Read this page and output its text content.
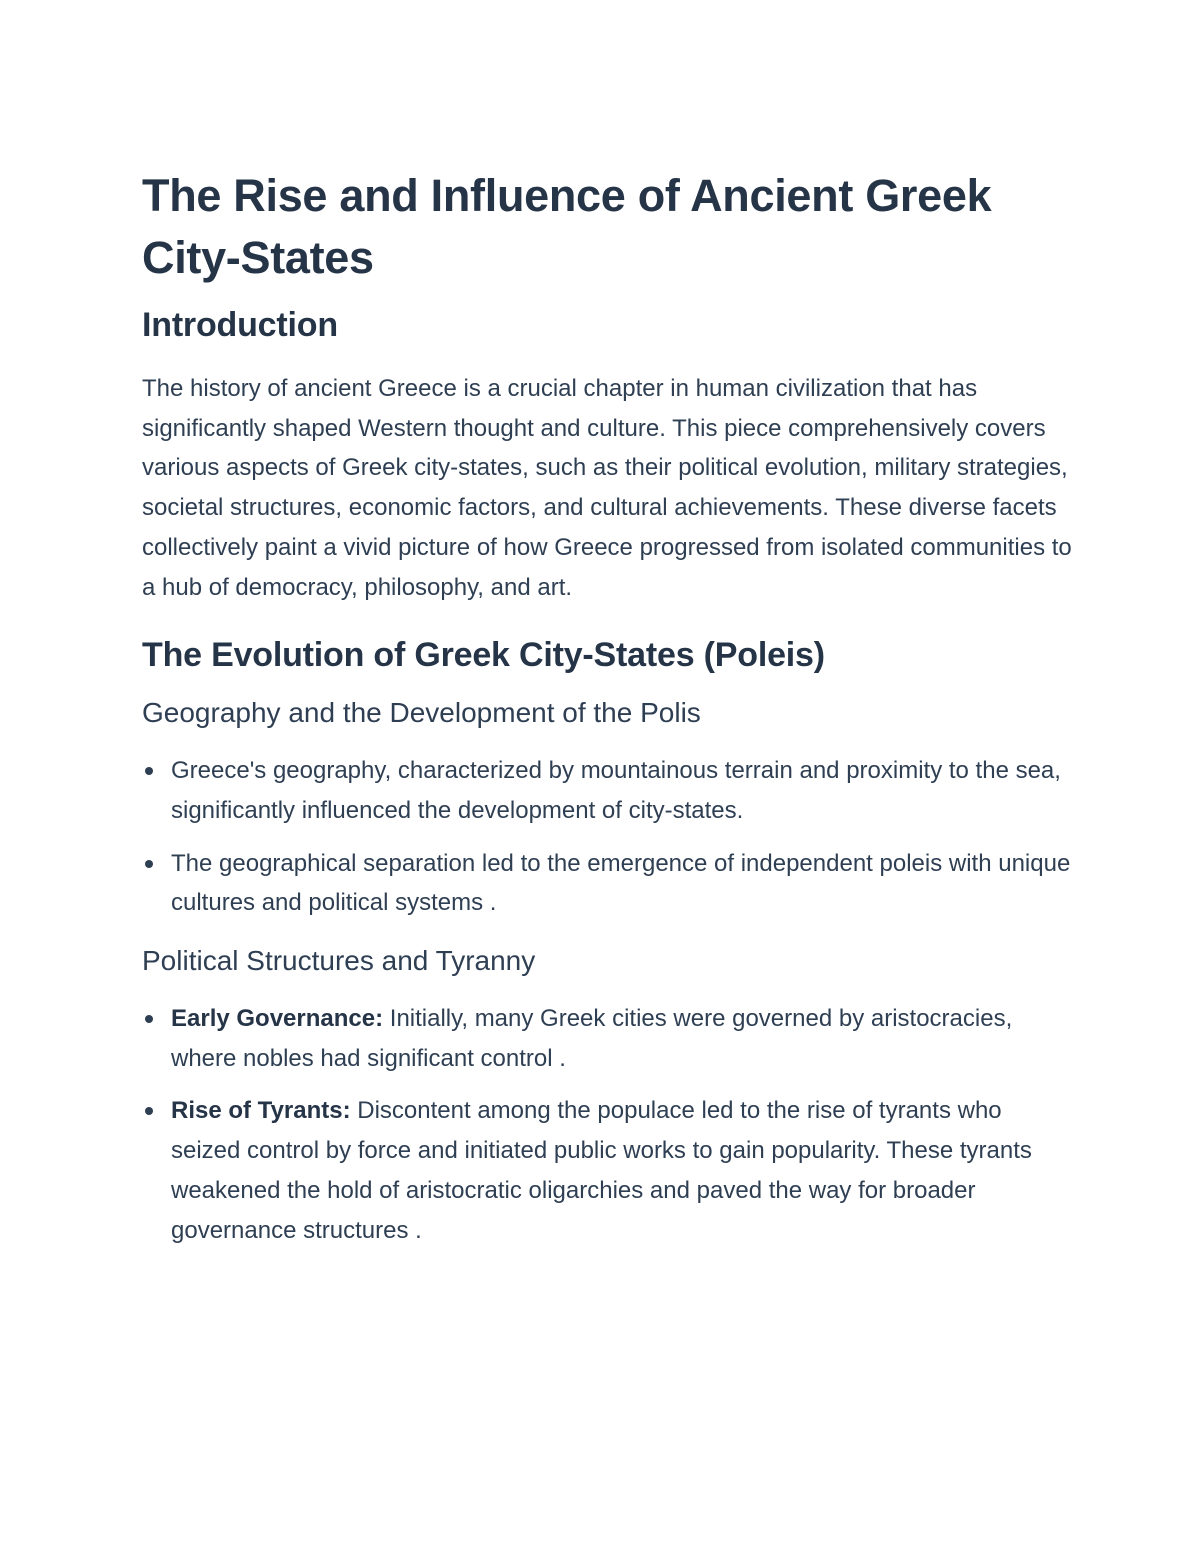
The Rise and Influence of Ancient Greek City-States
Introduction

The history of ancient Greece is a crucial chapter in human civilization that has significantly shaped Western thought and culture. This piece comprehensively covers various aspects of Greek city-states, such as their political evolution, military strategies, societal structures, economic factors, and cultural achievements. These diverse facets collectively paint a vivid picture of how Greece progressed from isolated communities to a hub of democracy, philosophy, and art.

The Evolution of Greek City-States (Poleis)
Geography and the Development of the Polis
Greece's geography, characterized by mountainous terrain and proximity to the sea, significantly influenced the development of city-states.
The geographical separation led to the emergence of independent poleis with unique cultures and political systems .
Political Structures and Tyranny
Early Governance: Initially, many Greek cities were governed by aristocracies, where nobles had significant control .
Rise of Tyrants: Discontent among the populace led to the rise of tyrants who seized control by force and initiated public works to gain popularity. These tyrants weakened the hold of aristocratic oligarchies and paved the way for broader governance structures .
